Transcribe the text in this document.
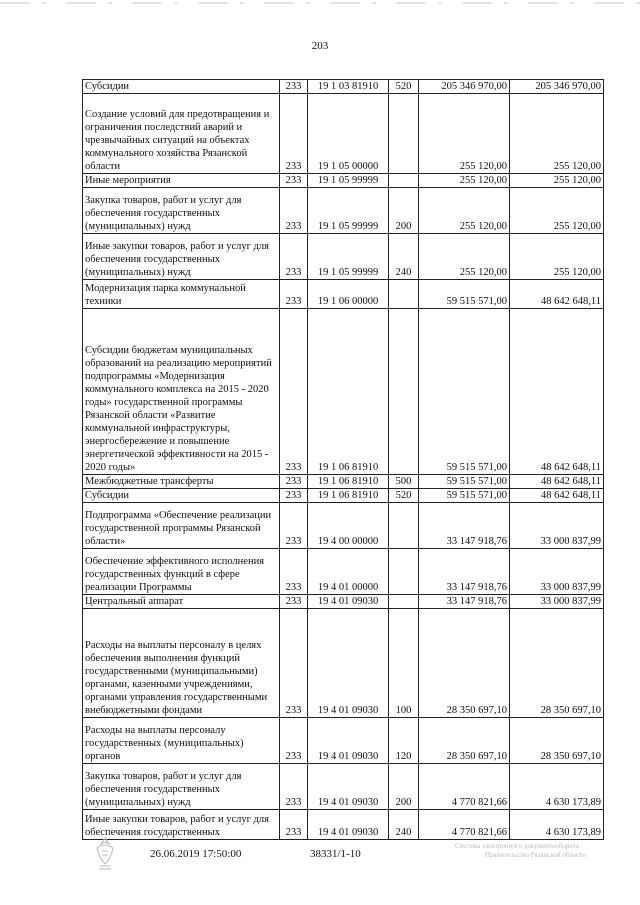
203
Субсидии	233	19 1 03 81910	520	205 346 970,00	205 346 970,00
Создание условий для предотвращения и ограничения последствий аварий и чрезвычайных ситуаций на объектах коммунального хозяйства Рязанской области	233	19 1 05 00000		255 120,00	255 120,00
Иные мероприятия	233	19 1 05 99999		255 120,00	255 120,00
Закупка товаров, работ и услуг для обеспечения государственных (муниципальных) нужд	233	19 1 05 99999	200	255 120,00	255 120,00
Иные закупки товаров, работ и услуг для обеспечения государственных (муниципальных) нужд	233	19 1 05 99999	240	255 120,00	255 120,00
Модернизация парка коммунальной техники	233	19 1 06 00000		59 515 571,00	48 642 648,11
Субсидии бюджетам муниципальных образований на реализацию мероприятий подпрограммы «Модернизация коммунального комплекса на 2015 - 2020 годы» государственной программы Рязанской области «Развитие коммунальной инфраструктуры, энергосбережение и повышение энергетической эффективности на 2015 - 2020 годы»	233	19 1 06 81910		59 515 571,00	48 642 648,11
Межбюджетные трансферты	233	19 1 06 81910	500	59 515 571,00	48 642 648,11
Субсидии	233	19 1 06 81910	520	59 515 571,00	48 642 648,11
Подпрограмма «Обеспечение реализации государственной программы Рязанской области»	233	19 4 00 00000		33 147 918,76	33 000 837,99
Обеспечение эффективного исполнения государственных функций в сфере реализации Программы	233	19 4 01 00000		33 147 918,76	33 000 837,99
Центральный аппарат	233	19 4 01 09030		33 147 918,76	33 000 837,99
Расходы на выплаты персоналу в целях обеспечения выполнения функций государственными (муниципальными) органами, казенными учреждениями, органами управления государственными внебюджетными фондами	233	19 4 01 09030	100	28 350 697,10	28 350 697,10
Расходы на выплаты персоналу государственных (муниципальных) органов	233	19 4 01 09030	120	28 350 697,10	28 350 697,10
Закупка товаров, работ и услуг для обеспечения государственных (муниципальных) нужд	233	19 4 01 09030	200	4 770 821,66	4 630 173,89
Иные закупки товаров, работ и услуг для обеспечения государственных	233	19 4 01 09030	240	4 770 821,66	4 630 173,89
26.06.2019 17:50:00	38331/1-10
Система электронного документооборота
Правительства Рязанской области
